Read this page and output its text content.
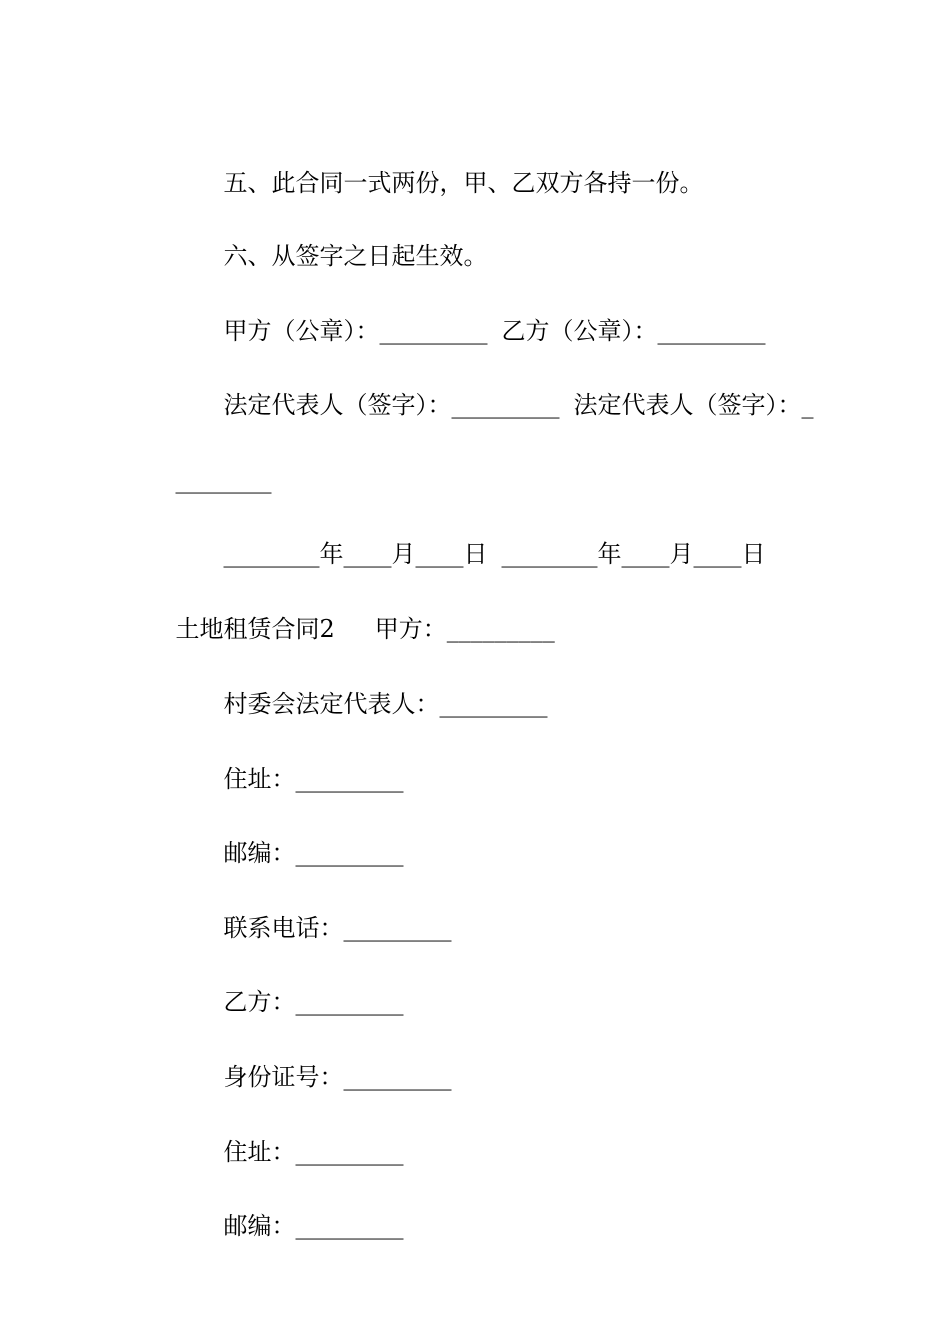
五、此合同一式两份，甲、乙双方各持一份。

六、从签字之日起生效。

甲方（公章）：_________ 乙方（公章）：_________

法定代表人（签字）：_________ 法定代表人（签字）：_

________

________年____月____日 ________年____月____日

土地租赁合同2 甲方：_________

村委会法定代表人：_________

住址：_________

邮编：_________

联系电话：_________

乙方：_________

身份证号：_________

住址：_________

邮编：_________
